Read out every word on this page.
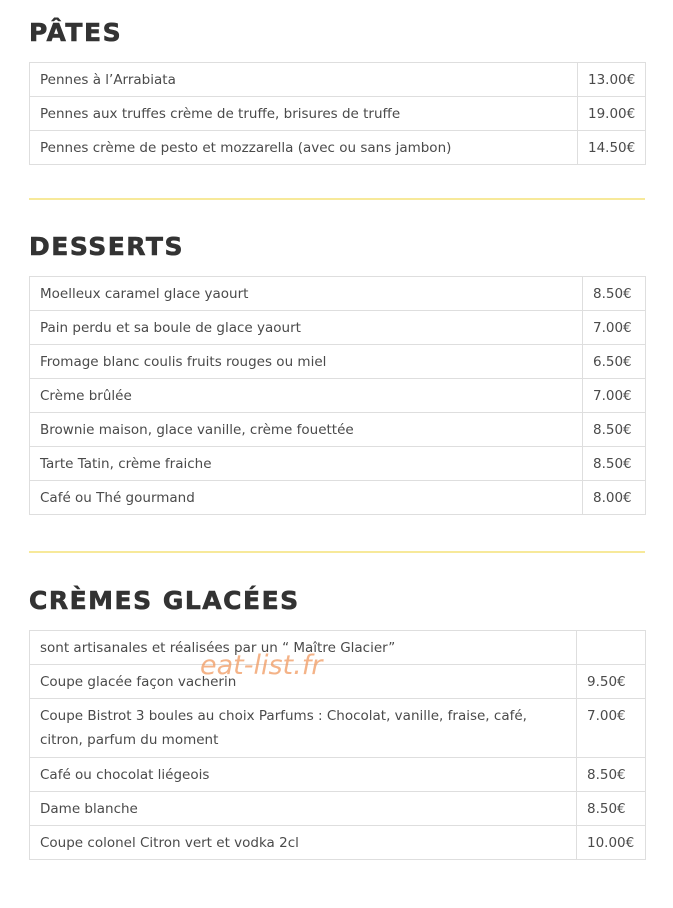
PÂTES
Pennes à l’Arrabiata	13.00€
Pennes aux truffes crème de truffe, brisures de truffe	19.00€
Pennes crème de pesto et mozzarella (avec ou sans jambon)	14.50€
DESSERTS
Moelleux caramel glace yaourt	8.50€
Pain perdu et sa boule de glace yaourt	7.00€
Fromage blanc coulis fruits rouges ou miel	6.50€
Crème brûlée	7.00€
Brownie maison, glace vanille, crème fouettée	8.50€
Tarte Tatin, crème fraiche	8.50€
Café ou Thé gourmand	8.00€
CRÈMES GLACÉES
sont artisanales et réalisées par un “ Maître Glacier”	
Coupe glacée façon vacherin	9.50€
Coupe Bistrot 3 boules au choix Parfums : Chocolat, vanille, fraise, café, citron, parfum du moment	7.00€
Café ou chocolat liégeois	8.50€
Dame blanche	8.50€
Coupe colonel Citron vert et vodka 2cl	10.00€
eat-list.fr
